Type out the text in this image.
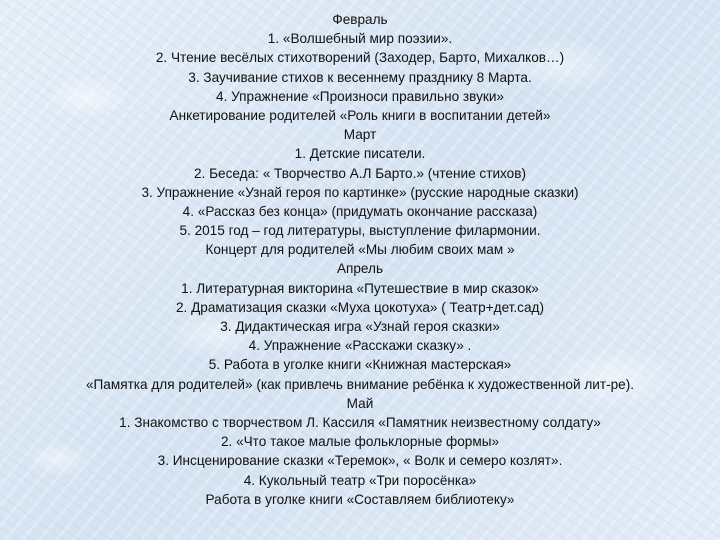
Февраль
1. «Волшебный мир поэзии».
2. Чтение весёлых стихотворений (Заходер, Барто, Михалков…)
3. Заучивание стихов к весеннему празднику 8 Марта.
4. Упражнение «Произноси правильно звуки»
Анкетирование родителей «Роль книги в воспитании детей»
Март
1. Детские писатели.
2. Беседа: « Творчество А.Л Барто.» (чтение стихов)
3. Упражнение «Узнай героя по картинке» (русские народные сказки)
4. «Рассказ без конца» (придумать окончание рассказа)
5. 2015 год – год литературы, выступление филармонии.
Концерт для родителей «Мы любим своих мам »
Апрель
1. Литературная викторина «Путешествие в мир сказок»
2. Драматизация сказки «Муха цокотуха» ( Театр+дет.сад)
3. Дидактическая игра «Узнай героя сказки»
4. Упражнение «Расскажи сказку» .
5. Работа в уголке книги «Книжная мастерская»
«Памятка для родителей» (как привлечь внимание ребёнка к художественной лит-ре).
Май
1. Знакомство с творчеством Л. Кассиля «Памятник неизвестному солдату»
2. «Что такое малые фольклорные формы»
3. Инсценирование сказки «Теремок», « Волк и семеро козлят».
4. Кукольный театр «Три поросёнка»
Работа в уголке книги «Составляем библиотеку»
